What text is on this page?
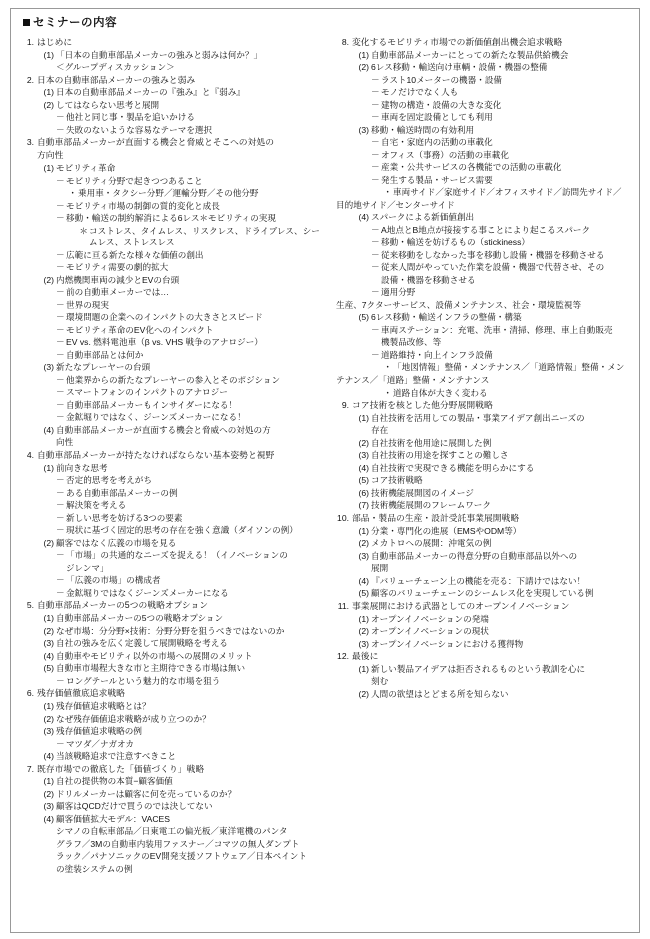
セミナーの内容
1. はじめに
(1) 「日本の自動車部品メーカーの強みと弱みは何か？」
＜グループディスカッション＞
2. 日本の自動車部品メーカーの強みと弱み
(1) 日本の自動車部品メーカーの『強み』と『弱み』
(2) してはならない思考と展開
－ 他社と同じ事・製品を追いかける
－ 失敗のないような容易なテーマを選択
3. 自動車部品メーカーが直面する機会と脅威とそこへの対処の
方向性
(1) モビリティ革命
－ モビリティ分野で起きつつあること
・ 乗用車・タクシー分野／運輸分野／その他分野
－ モビリティ市場の制御の質的変化と成長
－ 移動・輸送の制約解消による6レス＊モビリティの実現
＊ コストレス、タイムレス、リスクレス、ドライブレス、シームレス、ストレスレス
－ 広範に亘る新たな様々な価値の創出
－ モビリティ需要の劇的拡大
(2) 内燃機関車両の減少とEVの台頭
－ 前の自動車メーカーでは…
－ 世界の現実
－ 環境問題の企業へのインパクトの大きさとスピード
－ モビリティ革命のEV化へのインパクト
－ EV vs. 燃料電池車（β vs. VHS 戦争のアナロジー）
－ 自動車部品とは何か
(3) 新たなプレーヤーの台頭
－ 他業界からの新たなプレーヤーの参入とそのポジション
－ スマートフォンのインパクトのアナロジー
－ 自動車部品メーカーもインサイダーになる！
－ 金鉱堀りではなく、ジーンズメーカーになる！
(4) 自動車部品メーカーが直面する機会と脅威への対処の方
向性
4. 自動車部品メーカーが持たなければならない基本姿勢と視野
(1) 前向きな思考
－ 否定的思考を考えがち
－ ある自動車部品メーカーの例
－ 解決策を考える
－ 新しい思考を妨げる3つの要素
－ 現状に基づく固定的思考の存在を強く意識（ダイソンの例）
(2) 顧客ではなく広義の市場を見る
－ 「市場」の共通的なニーズを捉える！（イノベーションの
ジレンマ」
－ 「広義の市場」の構成者
－ 金鉱堀りではなくジーンズメーカーになる
5. 自動車部品メーカーの5つの戦略オプション
(1) 自動車部品メーカーの5つの戦略オプション
(2) なぜ市場：分分野×技術：分野分野を狙うべきではないのか
(3) 自社の強みを広く定義して展開戦略を考える
(4) 自動車やモビリティ以外の市場への展開のメリット
(5) 自動車市場程大きな市と主期待できる市場は無い
－ ロングテールという魅力的な市場を狙う
6. 残存価値徹底追求戦略
(1) 残存価値追求戦略とは？
(2) なぜ残存価値追求戦略が成り立つのか？
(3) 残存価値追求戦略の例
－ マツダ／ナガオカ
(4) 当該戦略追求で注意すべきこと
7. 既存市場での徹底した「価値づくり」戦略
(1) 自社の提供物の本質−顧客価値
(2) ドリルメーカーは顧客に何を売っているのか？
(3) 顧客はQCDだけで買うのでは決してない
(4) 顧客価値拡大モデル：VACES
シマノの自転車部品／日東電工の偏光板／東洋電機のパンタ
グラフ／3Mの自動車内装用ファスナー／コマツの無人ダンプト
ラック／パナソニックのEV開発支援ソフトウェア／日本ペイント
の塗装システムの例
8. 変化するモビリティ市場での新価値創出機会追求戦略
(1) 自動車部品メーカーにとっての新たな製品供給機会
(2) 6レス移動・輸送向け車輌・設備・機器の整備
－ ラスト10メーターの機器・設備
－ モノだけでなく人も
－ 建物の構造・設備の大きな変化
－ 車両を固定設備としても利用
(3) 移動・輸送時間の有効利用
－ 自宅・家庭内の活動の車載化
－ オフィス（事務）の活動の車載化
－ 産業・公共サービスの各機能での活動の車載化
－ 発生する製品・サービス需要
・ 車両サイド／家庭サイド／オフィスサイド／訪問先サイド／
目的地サイド／センターサイド
(4) スパークによる新価値創出
－ A地点とB地点が接接する事ことにより起こるスパーク
－ 移動・輸送を妨げるもの（stickiness）
－ 従来移動をしなかった事を移動し設備・機器を移動させる
－ 従来人間がやっていた作業を設備・機器で代替させ、その
設備・機器を移動させる
－ 適用分野
生産、7クターサービス、設備メンテナンス、社会・環境監視等
(5) 6レス移動・輸送インフラの整備・構築
－ 車両ステーション：充電、洗車・清掃、修理、車上自動販売
機製品改修、等
－ 道路維持・向上インフラ設備
・ 「地図情報」整備・メンテナンス／「道路情報」整備・メン
テナンス／「道路」整備・メンテナンス
・ 道路自体が大きく変わる
9. コア技術を核とした他分野展開戦略
(1) 自社技術を活用しての製品・事業アイデア創出ニーズの
存在
(2) 自社技術を他用途に展開した例
(3) 自社技術の用途を探すことの難しさ
(4) 自社技術で実現できる機能を明らかにする
(5) コア技術戦略
(6) 技術機能展開図のイメージ
(7) 技術機能展開のフレームワーク
10. 部品・製品の生産・設計受託事業展開戦略
(1) 分業・専門化の進展（EMSやODM等）
(2) メカトロへの展開：沖電気の例
(3) 自動車部品メーカーの得意分野の自動車部品以外への
展開
(4) 『バリューチェーン上の機能を売る：下請けではない！
(5) 顧客のバリューチェーンのシームレス化を実現している例
11. 事業展開における武器としてのオープンイノベーション
(1) オープンイノベーションの発端
(2) オープンイノベーションの現状
(3) オープンイノベーションにおける獲得物
12. 最後に
(1) 新しい製品アイデアは拒否されるものという教訓を心に
刻む
(2) 人間の欲望はとどまる所を知らない
